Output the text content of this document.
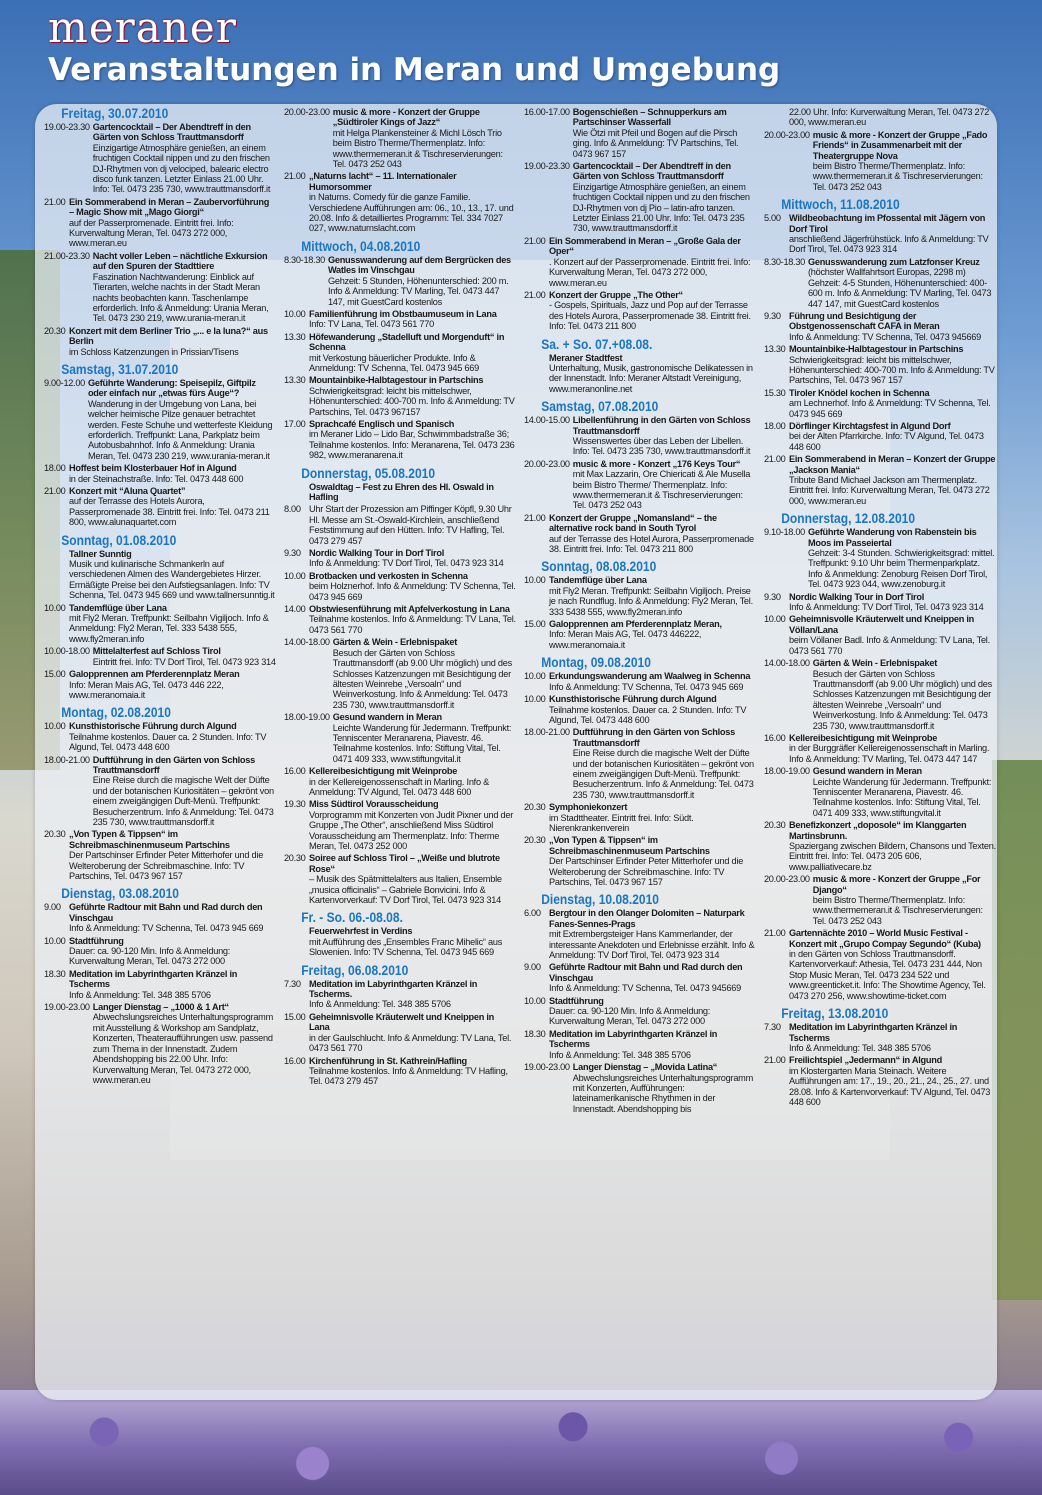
meraner
Veranstaltungen in Meran und Umgebung
Freitag, 30.07.2010
19.00-23.30 Gartencocktail – Der Abendtreff in den Gärten von Schloss Trauttmansdorff
Einzigartige Atmosphäre genießen, an einem fruchtigen Cocktail nippen und zu den frischen DJ-Rhytmen von dj velociped, balearic electro disco funk tanzen. Letzter Einlass 21.00 Uhr. Info: Tel. 0473 235 730, www.trauttmansdorff.it
21.00 Ein Sommerabend in Meran – Zaubervorführung – Magic Show mit „Mago Giorgi“
auf der Passerpromenade. Eintritt frei. Info: Kurverwaltung Meran, Tel. 0473 272 000, www.meran.eu
21.00-23.30 Nacht voller Leben – nächtliche Exkursion auf den Spuren der Stadttiere
Faszination Nachtwanderung: Einblick auf Tierarten, welche nachts in der Stadt Meran nachts beobachten kann. Taschenlampe erforderlich. Info & Anmeldung: Urania Meran, Tel. 0473 230 219, www.urania-meran.it
20.30 Konzert mit dem Berliner Trio „... e la luna?“ aus Berlin
im Schloss Katzenzungen in Prissian/Tisens
Samstag, 31.07.2010
9.00-12.00 Geführte Wanderung: Speisepilz, Giftpilz oder einfach nur „etwas fürs Auge“?
Wanderung in der Umgebung von Lana, bei welcher heimische Pilze genauer betrachtet werden. Feste Schuhe und wetterfeste Kleidung erforderlich. Treffpunkt: Lana, Parkplatz beim Autobusbahnhof. Info & Anmeldung: Urania Meran, Tel. 0473 230 219, www.urania-meran.it
18.00 Hoffest beim Klosterbauer Hof in Algund
in der Steinachstraße. Info: Tel. 0473 448 600
21.00 Konzert mit “Aluna Quartet”
auf der Terrasse des Hotels Aurora, Passerpromenade 38. Eintritt frei. Info: Tel. 0473 211 800, www.alunaquartet.com
Sonntag, 01.08.2010
Tallner Sunntig
Musik und kulinarische Schmankerln auf verschiedenen Almen des Wandergebietes Hirzer. Ermäßigte Preise bei den Aufstiegsanlagen. Info: TV Schenna, Tel. 0473 945 669 und www.tallnersunntig.it
10.00 Tandemflüge über Lana
mit Fly2 Meran. Treffpunkt: Seilbahn Vigiljoch. Info & Anmeldung: Fly2 Meran, Tel. 333 5438 555, www.fly2meran.info
10.00-18.00 Mittelalterfest auf Schloss Tirol
Eintritt frei. Info: TV Dorf Tirol, Tel. 0473 923 314
15.00 Galopprennen am Pferderennplatz Meran
Info: Meran Mais AG, Tel. 0473 446 222, www.meranomaia.it
Montag, 02.08.2010
10.00 Kunsthistorische Führung durch Algund
Teilnahme kostenlos. Dauer ca. 2 Stunden. Info: TV Algund, Tel. 0473 448 600
18.00-21.00 Duftführung in den Gärten von Schloss Trauttmansdorff
Eine Reise durch die magische Welt der Düfte und der botanischen Kuriositäten – gekrönt von einem zweigängigen Duft-Menü. Treffpunkt: Besucherzentrum. Info & Anmeldung: Tel. 0473 235 730, www.trauttmansdorff.it
20.30 „Von Typen & Tippsen“ im Schreibmaschinenmuseum Partschins
Der Partschinser Erfinder Peter Mitterhofer und die Welteroberung der Schreibmaschine. Info: TV Partschins, Tel. 0473 967 157
Dienstag, 03.08.2010
9.00 Geführte Radtour mit Bahn und Rad durch den Vinschgau
Info & Anmeldung: TV Schenna, Tel. 0473 945 669
10.00 Stadtführung
Dauer: ca. 90-120 Min. Info & Anmeldung: Kurverwaltung Meran, Tel. 0473 272 000
18.30 Meditation im Labyrinthgarten Kränzel in Tscherms
Info & Anmeldung: Tel. 348 385 5706
19.00-23.00 Langer Dienstag – „1000 & 1 Art“
Abwechslungsreiches Unterhaltungsprogramm mit Ausstellung & Workshop am Sandplatz, Konzerten, Theateraufführungen usw. passend zum Thema in der Innenstadt. Zudem Abendshopping bis 22.00 Uhr. Info: Kurverwaltung Meran, Tel. 0473 272 000, www.meran.eu
20.00-23.00 music & more - Konzert der Gruppe „Südtiroler Kings of Jazz“
mit Helga Plankensteiner & Michl Lösch Trio beim Bistro Therme/Thermenplatz. Info: www.thermemeran.it & Tischreservierungen: Tel. 0473 252 043
21.00 „Naturns lacht“ – 11. Internationaler Humorsommer
in Naturns. Comedy für die ganze Familie. Verschiedene Aufführungen am: 06., 10., 13., 17. und 20.08. Info & detailliertes Programm: Tel. 334 7027 027, www.naturnslacht.com
Mittwoch, 04.08.2010
8.30-18.30 Genusswanderung auf dem Bergrücken des Watles im Vinschgau
Gehzeit: 5 Stunden, Höhenunterschied: 200 m. Info & Anmeldung: TV Marling, Tel. 0473 447 147, mit GuestCard kostenlos
10.00 Familienführung im Obstbaumuseum in Lana
Info: TV Lana, Tel. 0473 561 770
13.30 Höfewanderung „Stadelluft und Morgenduft“ in Schenna
mit Verkostung bäuerlicher Produkte. Info & Anmeldung: TV Schenna, Tel. 0473 945 669
13.30 Mountainbike-Halbtagestour in Partschins
Schwierigkeitsgrad: leicht bis mittelschwer, Höhenunterschied: 400-700 m. Info & Anmeldung: TV Partschins, Tel. 0473 967157
17.00 Sprachcafé Englisch und Spanisch
im Meraner Lido – Lido Bar, Schwimmbadstraße 36; Teilnahme kostenlos. Info: Meranarena, Tel. 0473 236 982, www.meranarena.it
Donnerstag, 05.08.2010
Oswaldtag – Fest zu Ehren des Hl. Oswald in Hafling
8.00 Uhr Start der Prozession am Piffinger Köpfl, 9.30 Uhr Hl. Messe am St.-Oswald-Kirchlein, anschließend Feststimmung auf den Hütten. Info: TV Hafling, Tel. 0473 279 457
9.30 Nordic Walking Tour in Dorf Tirol
Info & Anmeldung: TV Dorf Tirol, Tel. 0473 923 314
10.00 Brotbacken und verkosten in Schenna
beim Holznerhof. Info & Anmeldung: TV Schenna, Tel. 0473 945 669
14.00 Obstwiesenführung mit Apfelverkostung in Lana
Teilnahme kostenlos. Info & Anmeldung: TV Lana, Tel. 0473 561 770
14.00-18.00 Gärten & Wein - Erlebnispaket
Besuch der Gärten von Schloss Trauttmansdorff (ab 9.00 Uhr möglich) und des Schlosses Katzenzungen mit Besichtigung der ältesten Weinrebe „Versoaln“ und Weinverkostung. Info & Anmeldung: Tel. 0473 235 730, www.trauttmansdorff.it
18.00-19.00 Gesund wandern in Meran
Leichte Wanderung für Jedermann. Treffpunkt: Tenniscenter Meranarena, Piavestr. 46. Teilnahme kostenlos. Info: Stiftung Vital, Tel. 0471 409 333, www.stiftungvital.it
16.00 Kellereibesichtigung mit Weinprobe
in der Kellereigenossenschaft in Marling. Info & Anmeldung: TV Algund, Tel. 0473 448 600
19.30 Miss Südtirol Vorausscheidung
Vorprogramm mit Konzerten von Judit Pixner und der Gruppe „The Other“, anschließend Miss Südtirol Vorausscheidung am Thermenplatz. Info: Therme Meran, Tel. 0473 252 000
20.30 Soiree auf Schloss Tirol – „Weiße und blutrote Rose“
– Musik des Spätmittelalters aus Italien, Ensemble „musica officinalis“ – Gabriele Bonvicini. Info & Kartenvorverkauf: TV Dorf Tirol, Tel. 0473 923 314
Fr. - So. 06.-08.08.
Feuerwehrfest in Verdins
mit Aufführung des „Ensembles Franc Mihelic“ aus Slowenien. Info: TV Schenna, Tel. 0473 945 669
Freitag, 06.08.2010
7.30 Meditation im Labyrinthgarten Kränzel in Tscherms.
Info & Anmeldung: Tel. 348 385 5706
15.00 Geheimnisvolle Kräuterwelt und Kneippen in Lana
in der Gaulschlucht. Info & Anmeldung: TV Lana, Tel. 0473 561 770
16.00 Kirchenführung in St. Kathrein/Hafling
Teilnahme kostenlos. Info & Anmeldung: TV Hafling, Tel. 0473 279 457
16.00-17.00 Bogenschießen – Schnupperkurs am Partschinser Wasserfall
Wie Ötzi mit Pfeil und Bogen auf die Pirsch ging. Info & Anmeldung: TV Partschins, Tel. 0473 967 157
19.00-23.30 Gartencocktail – Der Abendtreff in den Gärten von Schloss Trauttmansdorff
Einzigartige Atmosphäre genießen, an einem fruchtigen Cocktail nippen und zu den frischen DJ-Rhytmen von dj Pio – latin-afro tanzen. Letzter Einlass 21.00 Uhr. Info: Tel. 0473 235 730, www.trauttmansdorff.it
21.00 Ein Sommerabend in Meran – „Große Gala der Oper“
. Konzert auf der Passerpromenade. Eintritt frei. Info: Kurverwaltung Meran, Tel. 0473 272 000, www.meran.eu
21.00 Konzert der Gruppe „The Other“
- Gospels, Spirituals, Jazz und Pop auf der Terrasse des Hotels Aurora, Passerpromenade 38. Eintritt frei. Info: Tel. 0473 211 800
Sa. + So. 07.+08.08.
Meraner Stadtfest
Unterhaltung, Musik, gastronomische Delikatessen in der Innenstadt. Info: Meraner Altstadt Vereinigung, www.meranonline.net
Samstag, 07.08.2010
14.00-15.00 Libellenführung in den Gärten von Schloss Trauttmansdorff
Wissenswertes über das Leben der Libellen. Info: Tel. 0473 235 730, www.trauttmansdorff.it
20.00-23.00 music & more - Konzert „176 Keys Tour“
mit Max Lazzarin, Ore Chiericati & Ale Musella beim Bistro Therme/ Thermenplatz. Info: www.thermemeran.it & Tischreservierungen: Tel. 0473 252 043
21.00 Konzert der Gruppe „Nomansland“ – the alternative rock band in South Tyrol
auf der Terrasse des Hotel Aurora, Passerpromenade 38. Eintritt frei. Info: Tel. 0473 211 800
Sonntag, 08.08.2010
10.00 Tandemflüge über Lana
mit Fly2 Meran. Treffpunkt: Seilbahn Vigiljoch. Preise je nach Rundflug. Info & Anmeldung: Fly2 Meran, Tel. 333 5438 555, www.fly2meran.info
15.00 Galopprennen am Pferderennplatz Meran,
Info: Meran Mais AG, Tel. 0473 446222, www.meranomaia.it
Montag, 09.08.2010
10.00 Erkundungswanderung am Waalweg in Schenna
Info & Anmeldung: TV Schenna, Tel. 0473 945 669
10.00 Kunsthistorische Führung durch Algund
Teilnahme kostenlos. Dauer ca. 2 Stunden. Info: TV Algund, Tel. 0473 448 600
18.00-21.00 Duftführung in den Gärten von Schloss Trauttmansdorff
Eine Reise durch die magische Welt der Düfte und der botanischen Kuriositäten – gekrönt von einem zweigängigen Duft-Menü. Treffpunkt: Besucherzentrum. Info & Anmeldung: Tel. 0473 235 730, www.trauttmansdorff.it
20.30 Symphoniekonzert
im Stadttheater. Eintritt frei. Info: Südt. Nierenkrankenverein
20.30 „Von Typen & Tippsen“ im Schreibmaschinenmuseum Partschins
Der Partschinser Erfinder Peter Mitterhofer und die Welteroberung der Schreibmaschine. Info: TV Partschins, Tel. 0473 967 157
Dienstag, 10.08.2010
6.00 Bergtour in den Olanger Dolomiten – Naturpark Fanes-Sennes-Prags
mit Extrembergsteiger Hans Kammerlander, der interessante Anekdoten und Erlebnisse erzählt. Info & Anmeldung: TV Dorf Tirol, Tel. 0473 923 314
9.00 Geführte Radtour mit Bahn und Rad durch den Vinschgau
Info & Anmeldung: TV Schenna, Tel. 0473 945669
10.00 Stadtführung
Dauer: ca. 90-120 Min. Info & Anmeldung: Kurverwaltung Meran, Tel. 0473 272 000
18.30 Meditation im Labyrinthgarten Kränzel in Tscherms
Info & Anmeldung: Tel. 348 385 5706
19.00-23.00 Langer Dienstag – „Movida Latina“
Abwechslungsreiches Unterhaltungsprogramm mit Konzerten, Aufführungen: lateinamerikanische Rhythmen in der Innenstadt. Abendshopping bis
22.00 Uhr. Info: Kurverwaltung Meran, Tel. 0473 272 000, www.meran.eu
20.00-23.00 music & more - Konzert der Gruppe „Fado Friends“ in Zusammenarbeit mit der Theatergruppe Nova
beim Bistro Therme/Thermenplatz. Info: www.thermemeran.it & Tischreservierungen: Tel. 0473 252 043
Mittwoch, 11.08.2010
5.00 Wildbeobachtung im Pfossental mit Jägern von Dorf Tirol
anschließend Jägerfrühstück. Info & Anmeldung: TV Dorf Tirol, Tel. 0473 923 314
8.30-18.30 Genusswanderung zum Latzfonser Kreuz
(höchster Wallfahrtsort Europas, 2298 m) Gehzeit: 4-5 Stunden, Höhenunterschied: 400-600 m. Info & Anmeldung: TV Marling, Tel. 0473 447 147, mit GuestCard kostenlos
9.30 Führung und Besichtigung der Obstgenossenschaft CAFA in Meran
Info & Anmeldung: TV Schenna, Tel. 0473 945669
13.30 Mountainbike-Halbtagestour in Partschins
Schwierigkeitsgrad: leicht bis mittelschwer, Höhenunterschied: 400-700 m. Info & Anmeldung: TV Partschins, Tel. 0473 967 157
15.30 Tiroler Knödel kochen in Schenna
am Lechnerhof. Info & Anmeldung: TV Schenna, Tel. 0473 945 669
18.00 Dörflinger Kirchtagsfest in Algund Dorf
bei der Alten Pfarrkirche. Info: TV Algund, Tel. 0473 448 600
21.00 Ein Sommerabend in Meran – Konzert der Gruppe „Jackson Mania“
Tribute Band Michael Jackson am Thermenplatz. Eintritt frei. Info: Kurverwaltung Meran, Tel. 0473 272 000, www.meran.eu
Donnerstag, 12.08.2010
9.10-18.00 Geführte Wanderung von Rabenstein bis Moos im Passeiertal
Gehzeit: 3-4 Stunden. Schwierigkeitsgrad: mittel. Treffpunkt: 9.10 Uhr beim Thermenparkplatz. Info & Anmeldung: Zenoburg Reisen Dorf Tirol, Tel. 0473 923 044, www.zenoburg.it
9.30 Nordic Walking Tour in Dorf Tirol
Info & Anmeldung: TV Dorf Tirol, Tel. 0473 923 314
10.00 Geheimnisvolle Kräuterwelt und Kneippen in Völlan/Lana
beim Völlaner Badl. Info & Anmeldung: TV Lana, Tel. 0473 561 770
14.00-18.00 Gärten & Wein - Erlebnispaket
Besuch der Gärten von Schloss Trauttmansdorff (ab 9.00 Uhr möglich) und des Schlosses Katzenzungen mit Besichtigung der ältesten Weinrebe „Versoaln“ und Weinverkostung. Info & Anmeldung: Tel. 0473 235 730, www.trauttmansdorff.it
16.00 Kellereibesichtigung mit Weinprobe
in der Burggräfler Kellereigenossenschaft in Marling. Info & Anmeldung: TV Marling, Tel. 0473 447 147
18.00-19.00 Gesund wandern in Meran
Leichte Wanderung für Jedermann. Treffpunkt: Tenniscenter Meranarena, Piavestr. 46. Teilnahme kostenlos. Info: Stiftung Vital, Tel. 0471 409 333, www.stiftungvital.it
20.30 Benefizkonzert „doposole“ im Klanggarten Martinsbrunn.
Spaziergang zwischen Bildern, Chansons und Texten. Eintritt frei. Info: Tel. 0473 205 606, www.palliativecare.bz
20.00-23.00 music & more - Konzert der Gruppe „For Django“
beim Bistro Therme/Thermenplatz. Info: www.thermemeran.it & Tischreservierungen: Tel. 0473 252 043
21.00 Gartennächte 2010 – World Music Festival - Konzert mit „Grupo Compay Segundo“ (Kuba)
in den Gärten von Schloss Trauttmansdorff. Kartenvorverkauf: Athesia, Tel. 0473 231 444, Non Stop Music Meran, Tel. 0473 234 522 und www.greenticket.it. Info: The Showtime Agency, Tel. 0473 270 256, www.showtime-ticket.com
Freitag, 13.08.2010
7.30 Meditation im Labyrinthgarten Kränzel in Tscherms
Info & Anmeldung: Tel. 348 385 5706
21.00 Freilichtspiel „Jedermann“ in Algund
im Klostergarten Maria Steinach. Weitere Aufführungen am: 17., 19., 20., 21., 24., 25., 27. und 28.08. Info & Kartenvorverkauf: TV Algund, Tel. 0473 448 600
